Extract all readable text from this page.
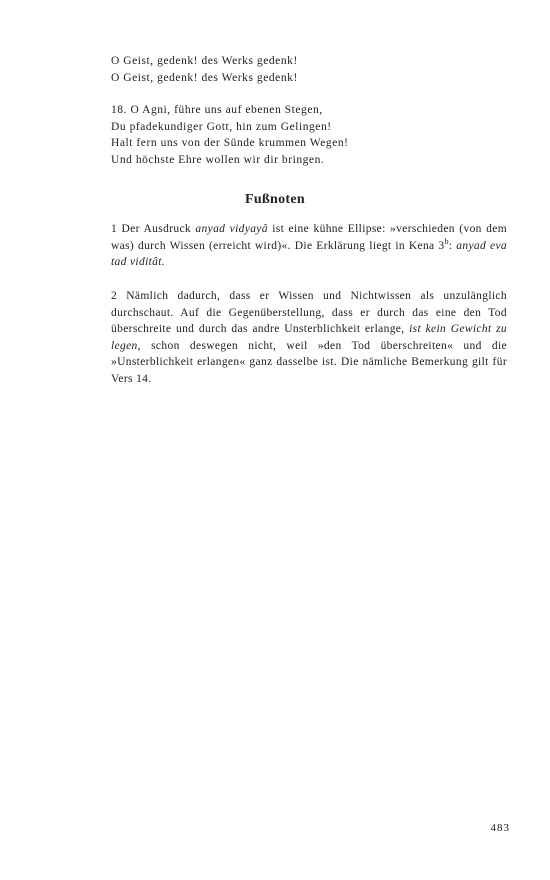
O Geist, gedenk! des Werks gedenk!
O Geist, gedenk! des Werks gedenk!
18. O Agni, führe uns auf ebenen Stegen,
Du pfadekundiger Gott, hin zum Gelingen!
Halt fern uns von der Sünde krummen Wegen!
Und höchste Ehre wollen wir dir bringen.
Fußnoten

1 Der Ausdruck anyad vidyayâ ist eine kühne Ellipse: »verschieden (von dem was) durch Wissen (erreicht wird)«. Die Erklärung liegt in Kena 3$^b$: anyad eva tad viditât.

2 Nämlich dadurch, dass er Wissen und Nichtwissen als unzulänglich durchschaut. Auf die Gegenüberstellung, dass er durch das eine den Tod überschreite und durch das andre Unsterblichkeit erlange, ist kein Gewicht zu legen, schon deswegen nicht, weil »den Tod überschreiten« und die »Unsterblichkeit erlangen« ganz dasselbe ist. Die nämliche Bemerkung gilt für Vers 14.

483
